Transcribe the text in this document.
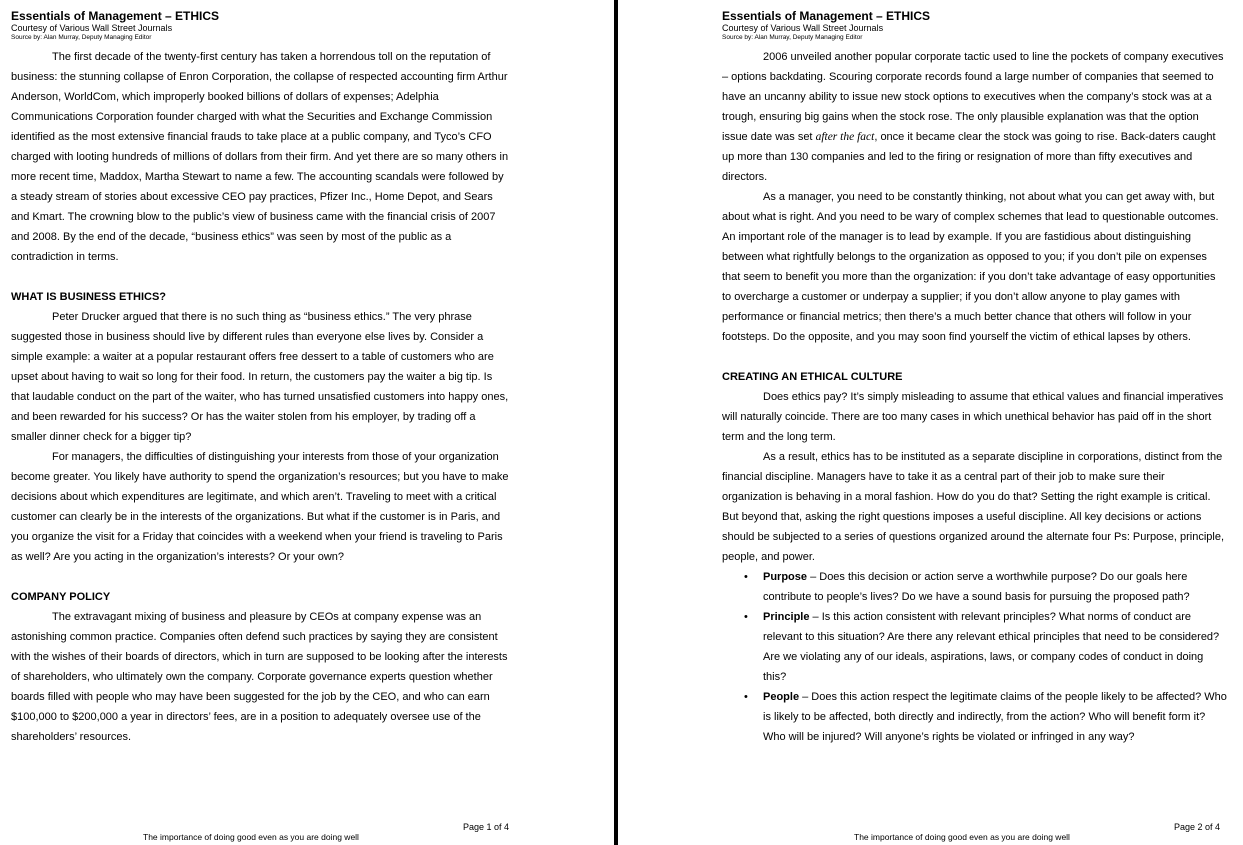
Essentials of Management – ETHICS
Courtesy of Various Wall Street Journals
Source by: Alan Murray, Deputy Managing Editor

The first decade of the twenty-first century has taken a horrendous toll on the reputation of business: the stunning collapse of Enron Corporation, the collapse of respected accounting firm Arthur Anderson, WorldCom, which improperly booked billions of dollars of expenses; Adelphia Communications Corporation founder charged with what the Securities and Exchange Commission identified as the most extensive financial frauds to take place at a public company, and Tyco’s CFO charged with looting hundreds of millions of dollars from their firm. And yet there are so many others in more recent time, Maddox, Martha Stewart to name a few. The accounting scandals were followed by a steady stream of stories about excessive CEO pay practices, Pfizer Inc., Home Depot, and Sears and Kmart. The crowning blow to the public’s view of business came with the financial crisis of 2007 and 2008. By the end of the decade, “business ethics” was seen by most of the public as a contradiction in terms.

WHAT IS BUSINESS ETHICS?

Peter Drucker argued that there is no such thing as “business ethics.” The very phrase suggested those in business should live by different rules than everyone else lives by. Consider a simple example: a waiter at a popular restaurant offers free dessert to a table of customers who are upset about having to wait so long for their food. In return, the customers pay the waiter a big tip. Is that laudable conduct on the part of the waiter, who has turned unsatisfied customers into happy ones, and been rewarded for his success? Or has the waiter stolen from his employer, by trading off a smaller dinner check for a bigger tip?

For managers, the difficulties of distinguishing your interests from those of your organization become greater. You likely have authority to spend the organization’s resources; but you have to make decisions about which expenditures are legitimate, and which aren’t. Traveling to meet with a critical customer can clearly be in the interests of the organizations. But what if the customer is in Paris, and you organize the visit for a Friday that coincides with a weekend when your friend is traveling to Paris as well? Are you acting in the organization’s interests? Or your own?

COMPANY POLICY

The extravagant mixing of business and pleasure by CEOs at company expense was an astonishing common practice. Companies often defend such practices by saying they are consistent with the wishes of their boards of directors, which in turn are supposed to be looking after the interests of shareholders, who ultimately own the company. Corporate governance experts question whether boards filled with people who may have been suggested for the job by the CEO, and who can earn $100,000 to $200,000 a year in directors’ fees, are in a position to adequately oversee use of the shareholders’ resources.

Page 1 of 4
The importance of doing good even as you are doing well
Essentials of Management – ETHICS
Courtesy of Various Wall Street Journals
Source by: Alan Murray, Deputy Managing Editor

2006 unveiled another popular corporate tactic used to line the pockets of company executives – options backdating. Scouring corporate records found a large number of companies that seemed to have an uncanny ability to issue new stock options to executives when the company’s stock was at a trough, ensuring big gains when the stock rose. The only plausible explanation was that the option issue date was set after the fact, once it became clear the stock was going to rise. Back-daters caught up more than 130 companies and led to the firing or resignation of more than fifty executives and directors.

As a manager, you need to be constantly thinking, not about what you can get away with, but about what is right. And you need to be wary of complex schemes that lead to questionable outcomes. An important role of the manager is to lead by example. If you are fastidious about distinguishing between what rightfully belongs to the organization as opposed to you; if you don’t pile on expenses that seem to benefit you more than the organization: if you don’t take advantage of easy opportunities to overcharge a customer or underpay a supplier; if you don’t allow anyone to play games with performance or financial metrics; then there’s a much better chance that others will follow in your footsteps. Do the opposite, and you may soon find yourself the victim of ethical lapses by others.

CREATING AN ETHICAL CULTURE

Does ethics pay? It’s simply misleading to assume that ethical values and financial imperatives will naturally coincide. There are too many cases in which unethical behavior has paid off in the short term and the long term.

As a result, ethics has to be instituted as a separate discipline in corporations, distinct from the financial discipline. Managers have to take it as a central part of their job to make sure their organization is behaving in a moral fashion. How do you do that? Setting the right example is critical. But beyond that, asking the right questions imposes a useful discipline. All key decisions or actions should be subjected to a series of questions organized around the alternate four Ps: Purpose, principle, people, and power.

• Purpose – Does this decision or action serve a worthwhile purpose? Do our goals here contribute to people’s lives? Do we have a sound basis for pursuing the proposed path?
• Principle – Is this action consistent with relevant principles? What norms of conduct are relevant to this situation? Are there any relevant ethical principles that need to be considered? Are we violating any of our ideals, aspirations, laws, or company codes of conduct in doing this?
• People – Does this action respect the legitimate claims of the people likely to be affected? Who is likely to be affected, both directly and indirectly, from the action? Who will benefit form it? Who will be injured? Will anyone’s rights be violated or infringed in any way?
Page 2 of 4
The importance of doing good even as you are doing well
